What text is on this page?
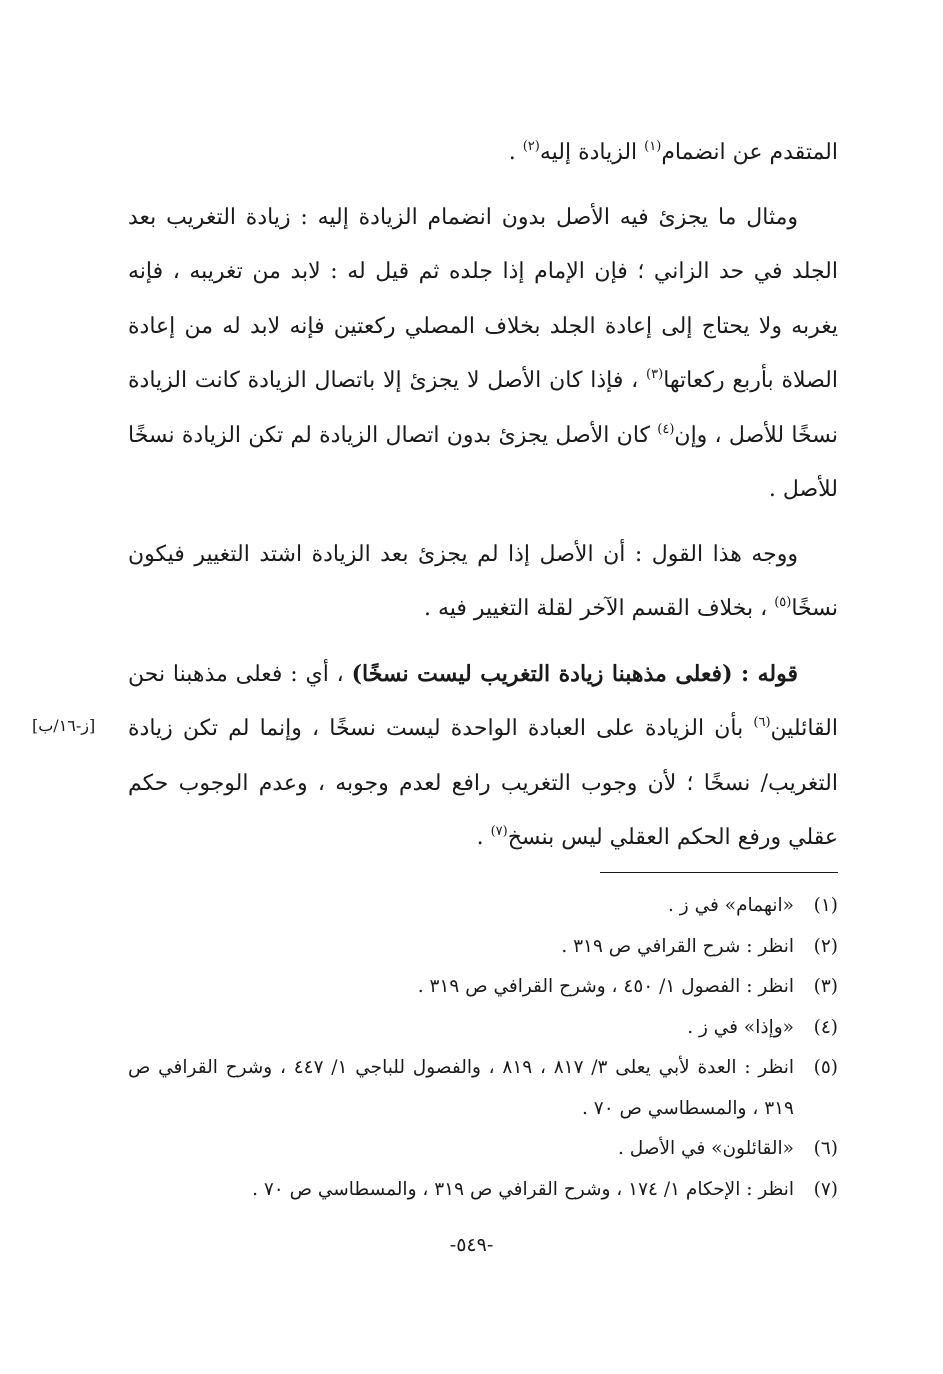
المتقدم عن انضمام$^{(١)}$ الزيادة إليه$^{(٢)}$ .

ومثال ما يجزئ فيه الأصل بدون انضمام الزيادة إليه : زيادة التغريب بعد الجلد في حد الزاني ؛ فإن الإمام إذا جلده ثم قيل له : لابد من تغريبه ، فإنه يغربه ولا يحتاج إلى إعادة الجلد بخلاف المصلي ركعتين فإنه لابد له من إعادة الصلاة بأربع ركعاتها$^{(٣)}$ ، فإذا كان الأصل لا يجزئ إلا باتصال الزيادة كانت الزيادة نسخًا للأصل ، وإن$^{(٤)}$ كان الأصل يجزئ بدون اتصال الزيادة لم تكن الزيادة نسخًا للأصل .

ووجه هذا القول : أن الأصل إذا لم يجزئ بعد الزيادة اشتد التغيير فيكون نسخًا$^{(٥)}$ ، بخلاف القسم الآخر لقلة التغيير فيه .

قوله : (فعلى مذهبنا زيادة التغريب ليست نسخًا) ، أي : فعلى مذهبنا نحن القائلين$^{(٦)}$ بأن الزيادة على العبادة الواحدة ليست نسخًا ، وإنما لم تكن زيادة التغريب/ نسخًا ؛ لأن وجوب التغريب رافع لعدم وجوبه ، وعدم الوجوب حكم عقلي ورفع الحكم العقلي ليس بنسخ$^{(٧)}$ .

[ز-١٦/ب]
(١)
«انهمام» في ز .
(٢)
انظر : شرح القرافي ص ٣١٩ .
(٣)
انظر : الفصول ١/ ٤٥٠ ، وشرح القرافي ص ٣١٩ .
(٤)
«وإذا» في ز .
(٥)
انظر : العدة لأبي يعلى ٣/ ٨١٧ ، ٨١٩ ، والفصول للباجي ١/ ٤٤٧ ، وشرح القرافي ص ٣١٩ ، والمسطاسي ص ٧٠ .
(٦)
«القائلون» في الأصل .
(٧)
انظر : الإحكام ١/ ١٧٤ ، وشرح القرافي ص ٣١٩ ، والمسطاسي ص ٧٠ .
-٥٤٩-
